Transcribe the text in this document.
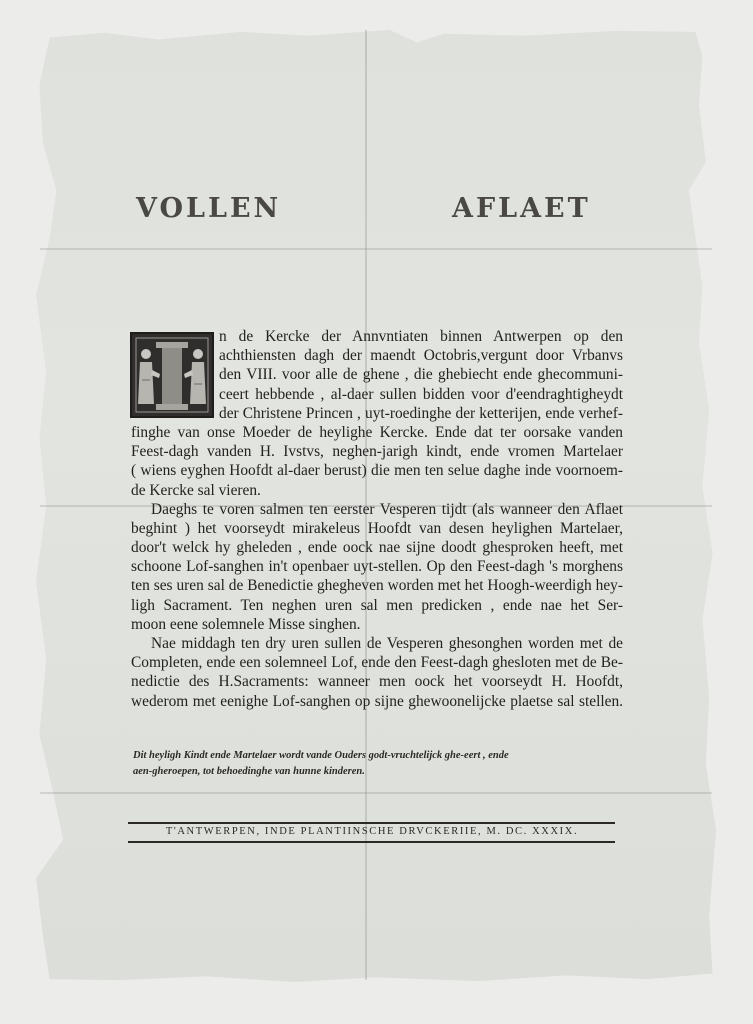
VOLLEN	AFLAET
n de Kercke der Annvntiaten binnen Antwerpen op den
achthiensten dagh der maendt Octobris,vergunt door Vrbanvs
den VIII. voor alle de ghene , die ghebiecht ende ghecommuni-
ceert hebbende , al-daer sullen bidden voor d'eendraghtigheydt
der Christene Princen , uyt-roedinghe der ketterijen, ende verhef-
finghe van onse Moeder de heylighe Kercke. Ende dat ter oorsake vanden
Feest-dagh vanden H. Ivstvs, neghen-jarigh kindt, ende vromen Martelaer
( wiens eyghen Hoofdt al-daer berust) die men ten selue daghe inde voornoem-
de Kercke sal vieren.
Daeghs te voren salmen ten eerster Vesperen tijdt (als wanneer den Aflaet
beghint ) het voorseydt mirakeleus Hoofdt van desen heylighen Martelaer,
door't welck hy gheleden , ende oock nae sijne doodt ghesproken heeft, met
schoone Lof-sanghen in't openbaer uyt-stellen. Op den Feest-dagh 's morghens
ten ses uren sal de Benedictie ghegheven worden met het Hoogh-weerdigh hey-
ligh Sacrament. Ten neghen uren sal men predicken , ende nae het Ser-
moon eene solemnele Misse singhen.
Nae middagh ten dry uren sullen de Vesperen ghesonghen worden met de
Completen, ende een solemneel Lof, ende den Feest-dagh ghesloten met de Be-
nedictie des H.Sacraments: wanneer men oock het voorseydt H. Hoofdt,
wederom met eenighe Lof-sanghen op sijne ghewoonelijcke plaetse sal stellen.
Dit heyligh Kindt ende Martelaer wordt vande Ouders godt-vruchtelijck ghe-eert , ende
aen-gheroepen, tot behoedinghe van hunne kinderen.
T'ANTWERPEN, INDE PLANTIINSCHE DRVCKERIIE, M. DC. XXXIX.
